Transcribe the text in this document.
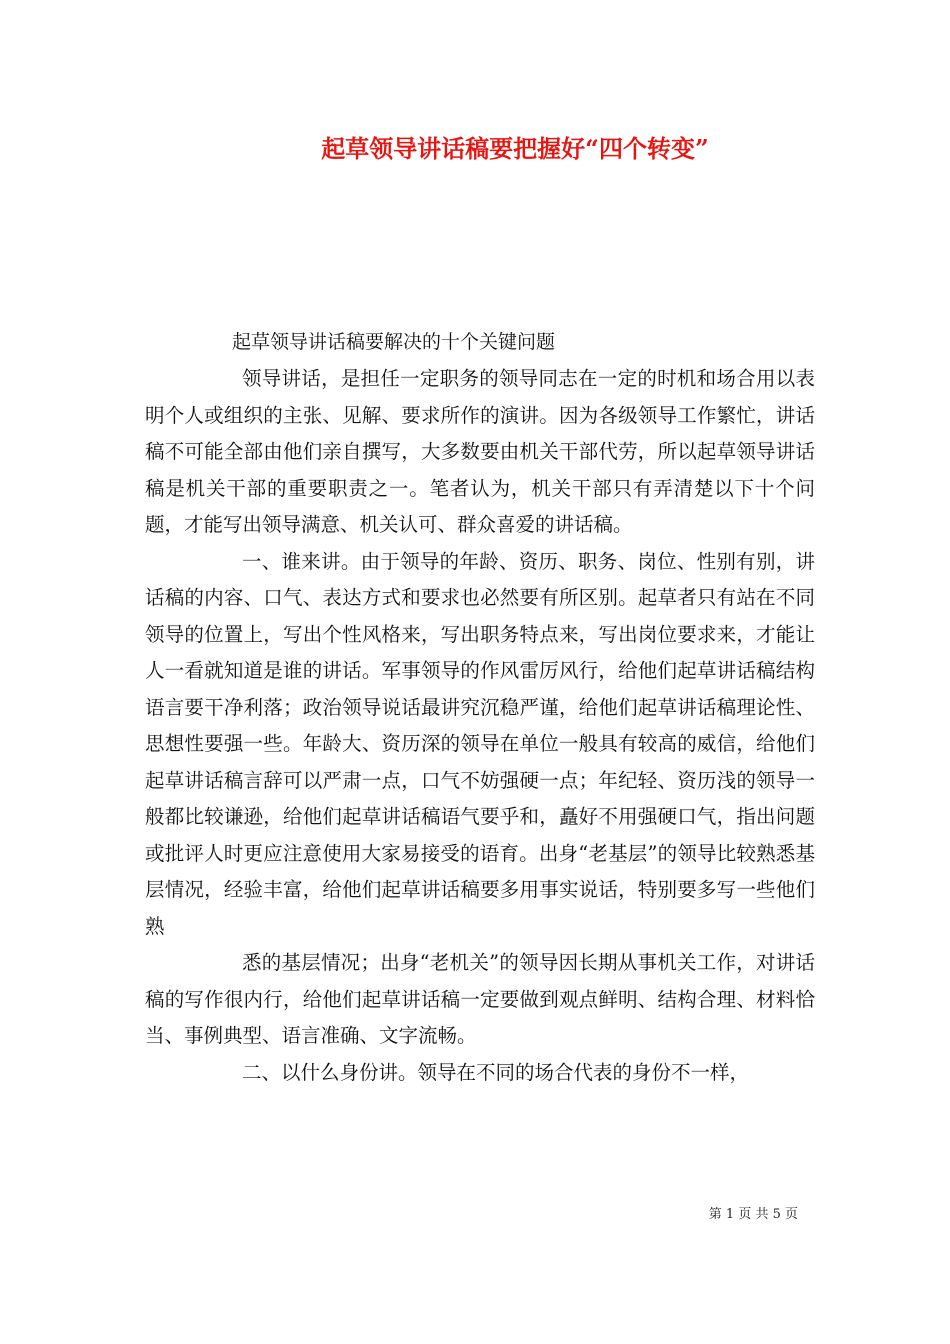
起草领导讲话稿要把握好“四个转变”
起草领导讲话稿要解决的十个关键问题

领导讲话，是担任一定职务的领导同志在一定的时机和场合用以表明个人或组织的主张、见解、要求所作的演讲。因为各级领导工作繁忙，讲话稿不可能全部由他们亲自撰写，大多数要由机关干部代劳，所以起草领导讲话稿是机关干部的重要职责之一。笔者认为，机关干部只有弄清楚以下十个问题，才能写出领导满意、机关认可、群众喜爱的讲话稿。

一、谁来讲。由于领导的年龄、资历、职务、岗位、性别有别，讲话稿的内容、口气、表达方式和要求也必然要有所区别。起草者只有站在不同领导的位置上，写出个性风格来，写出职务特点来，写出岗位要求来，才能让人一看就知道是谁的讲话。军事领导的作风雷厉风行，给他们起草讲话稿结构语言要干净利落；政治领导说话最讲究沉稳严谨，给他们起草讲话稿理论性、思想性要强一些。年龄大、资历深的领导在单位一般具有较高的威信，给他们起草讲话稿言辞可以严肃一点，口气不妨强硬一点；年纪轻、资历浅的领导一般都比较谦逊，给他们起草讲话稿语气要乎和，矗好不用强硬口气，指出问题或批评人时更应注意使用大家易接受的语育。出身“老基层”的领导比较熟悉基层情况，经验丰富，给他们起草讲话稿要多用事实说话，特别要多写一些他们熟

悉的基层情况；出身“老机关”的领导因长期从事机关工作，对讲话稿的写作很内行，给他们起草讲话稿一定要做到观点鲜明、结构合理、材料恰当、事例典型、语言准确、文字流畅。

二、以什么身份讲。领导在不同的场合代表的身份不一样，

第 1 页 共 5 页
